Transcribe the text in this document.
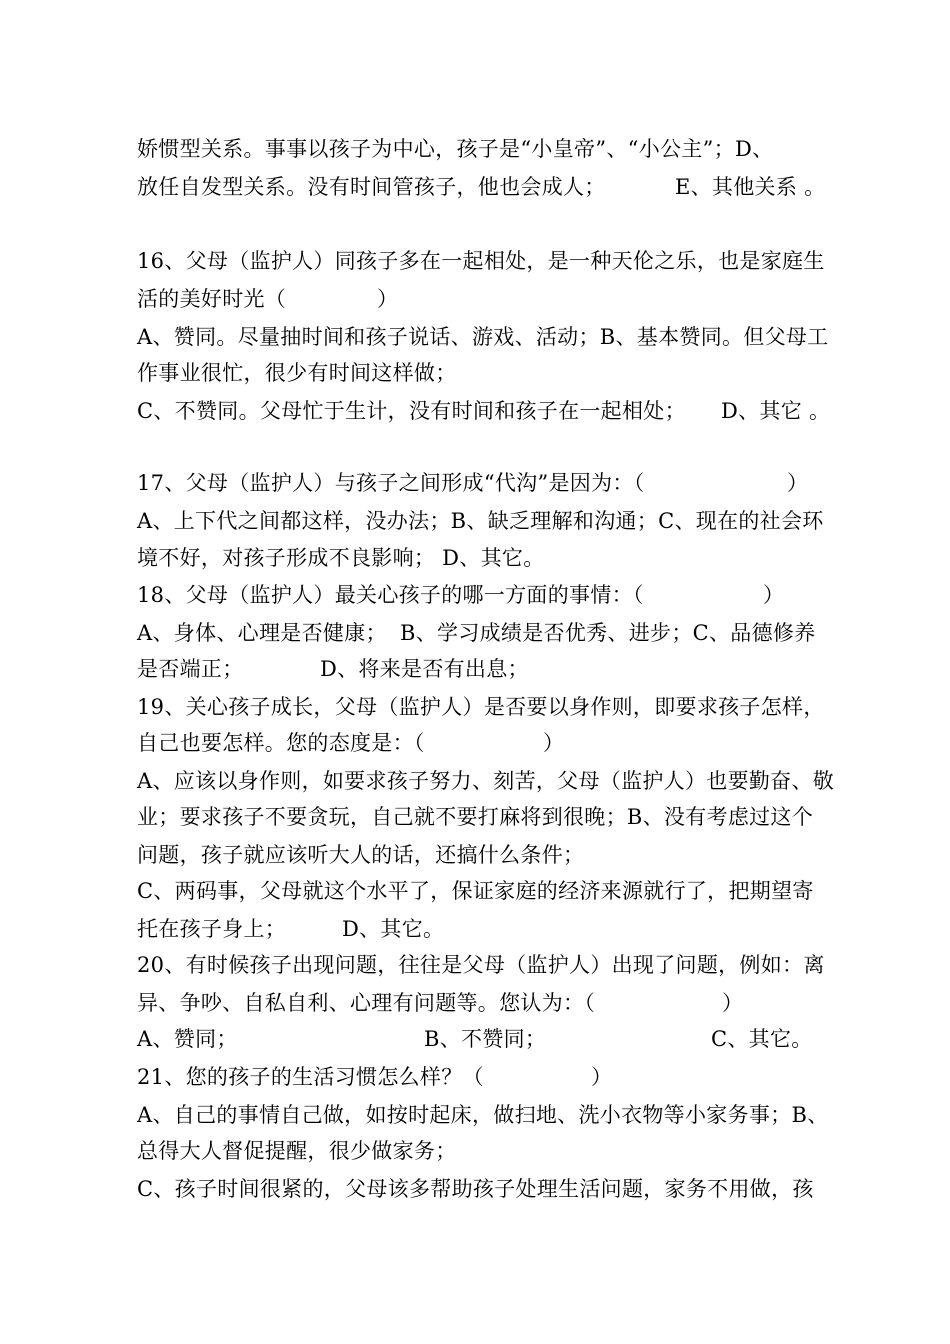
娇惯型关系。事事以孩子为中心，孩子是“小皇帝”、“小公主”；D、
放任自发型关系。没有时间管孩子，他也会成人；	E、其他关系 。
16、父母（监护人）同孩子多在一起相处，是一种天伦之乐，也是家庭生
活的美好时光（	）
A、赞同。尽量抽时间和孩子说话、游戏、活动；B、基本赞同。但父母工
作事业很忙，很少有时间这样做；
C、不赞同。父母忙于生计，没有时间和孩子在一起相处； D、其它 。
17、父母（监护人）与孩子之间形成“代沟”是因为：（	）
A、上下代之间都这样，没办法；B、缺乏理解和沟通；C、现在的社会环
境不好，对孩子形成不良影响； D、其它。
18、父母（监护人）最关心孩子的哪一方面的事情：（	）
A、身体、心理是否健康； B、学习成绩是否优秀、进步；C、品德修养
是否端正；	D、将来是否有出息；
19、关心孩子成长，父母（监护人）是否要以身作则，即要求孩子怎样，
自己也要怎样。您的态度是：（	）
A、应该以身作则，如要求孩子努力、刻苦，父母（监护人）也要勤奋、敬
业；要求孩子不要贪玩，自己就不要打麻将到很晚；B、没有考虑过这个
问题，孩子就应该听大人的话，还搞什么条件；
C、两码事，父母就这个水平了，保证家庭的经济来源就行了，把期望寄
托在孩子身上；	D、其它。
20、有时候孩子出现问题，往往是父母（监护人）出现了问题，例如：离
异、争吵、自私自利、心理有问题等。您认为：（	）
A、赞同；	B、不赞同；	C、其它。
21、您的孩子的生活习惯怎么样？（	）
A、自己的事情自己做，如按时起床，做扫地、洗小衣物等小家务事；B、
总得大人督促提醒，很少做家务；
C、孩子时间很紧的，父母该多帮助孩子处理生活问题，家务不用做，孩
